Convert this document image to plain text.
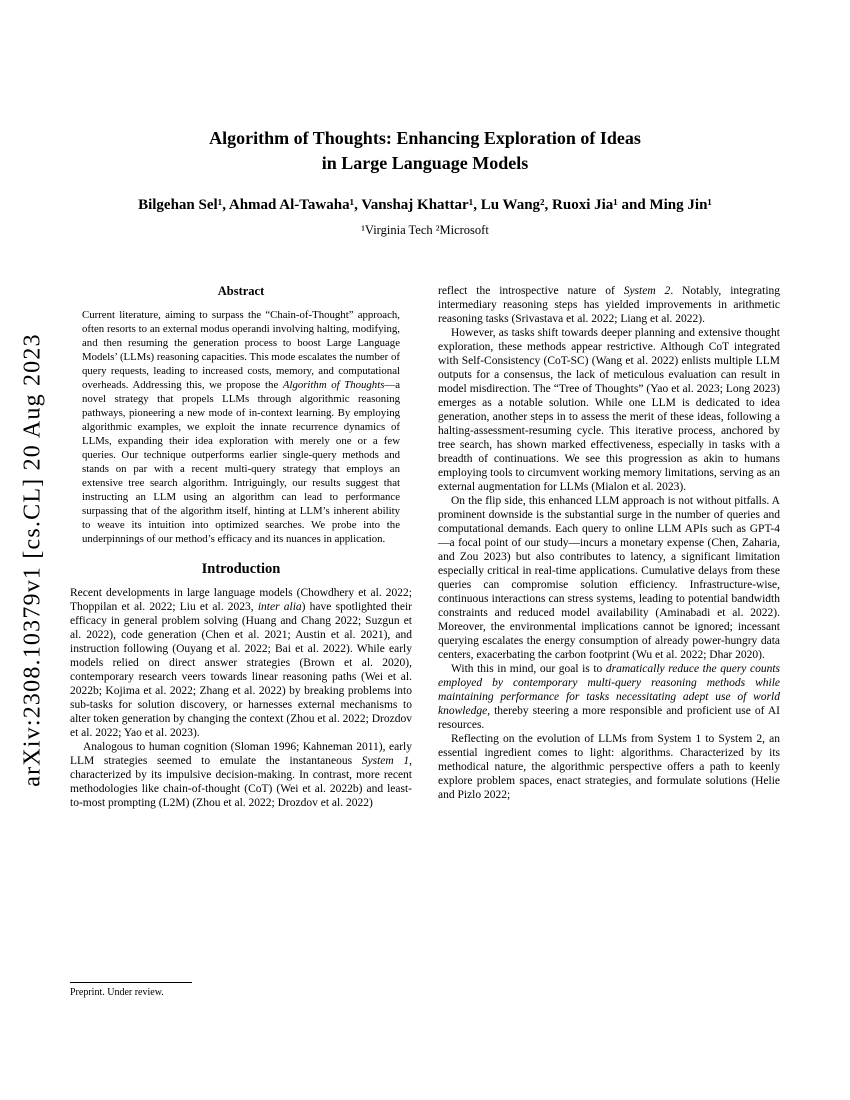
arXiv:2308.10379v1 [cs.CL] 20 Aug 2023
Algorithm of Thoughts: Enhancing Exploration of Ideas
in Large Language Models
Bilgehan Sel¹, Ahmad Al-Tawaha¹, Vanshaj Khattar¹, Lu Wang², Ruoxi Jia¹ and Ming Jin¹
¹Virginia Tech ²Microsoft
Abstract
Current literature, aiming to surpass the “Chain-of-Thought” approach, often resorts to an external modus operandi involving halting, modifying, and then resuming the generation process to boost Large Language Models’ (LLMs) reasoning capacities. This mode escalates the number of query requests, leading to increased costs, memory, and computational overheads. Addressing this, we propose the Algorithm of Thoughts—a novel strategy that propels LLMs through algorithmic reasoning pathways, pioneering a new mode of in-context learning. By employing algorithmic examples, we exploit the innate recurrence dynamics of LLMs, expanding their idea exploration with merely one or a few queries. Our technique outperforms earlier single-query methods and stands on par with a recent multi-query strategy that employs an extensive tree search algorithm. Intriguingly, our results suggest that instructing an LLM using an algorithm can lead to performance surpassing that of the algorithm itself, hinting at LLM’s inherent ability to weave its intuition into optimized searches. We probe into the underpinnings of our method’s efficacy and its nuances in application.
Introduction

Recent developments in large language models (Chowdhery et al. 2022; Thoppilan et al. 2022; Liu et al. 2023, inter alia) have spotlighted their efficacy in general problem solving (Huang and Chang 2022; Suzgun et al. 2022), code generation (Chen et al. 2021; Austin et al. 2021), and instruction following (Ouyang et al. 2022; Bai et al. 2022). While early models relied on direct answer strategies (Brown et al. 2020), contemporary research veers towards linear reasoning paths (Wei et al. 2022b; Kojima et al. 2022; Zhang et al. 2022) by breaking problems into sub-tasks for solution discovery, or harnesses external mechanisms to alter token generation by changing the context (Zhou et al. 2022; Drozdov et al. 2022; Yao et al. 2023).

Analogous to human cognition (Sloman 1996; Kahneman 2011), early LLM strategies seemed to emulate the instantaneous System 1, characterized by its impulsive decision-making. In contrast, more recent methodologies like chain-of-thought (CoT) (Wei et al. 2022b) and least-to-most prompting (L2M) (Zhou et al. 2022; Drozdov et al. 2022)

Preprint. Under review.

reflect the introspective nature of System 2. Notably, integrating intermediary reasoning steps has yielded improvements in arithmetic reasoning tasks (Srivastava et al. 2022; Liang et al. 2022).

However, as tasks shift towards deeper planning and extensive thought exploration, these methods appear restrictive. Although CoT integrated with Self-Consistency (CoT-SC) (Wang et al. 2022) enlists multiple LLM outputs for a consensus, the lack of meticulous evaluation can result in model misdirection. The “Tree of Thoughts” (Yao et al. 2023; Long 2023) emerges as a notable solution. While one LLM is dedicated to idea generation, another steps in to assess the merit of these ideas, following a halting-assessment-resuming cycle. This iterative process, anchored by tree search, has shown marked effectiveness, especially in tasks with a breadth of continuations. We see this progression as akin to humans employing tools to circumvent working memory limitations, serving as an external augmentation for LLMs (Mialon et al. 2023).

On the flip side, this enhanced LLM approach is not without pitfalls. A prominent downside is the substantial surge in the number of queries and computational demands. Each query to online LLM APIs such as GPT-4—a focal point of our study—incurs a monetary expense (Chen, Zaharia, and Zou 2023) but also contributes to latency, a significant limitation especially critical in real-time applications. Cumulative delays from these queries can compromise solution efficiency. Infrastructure-wise, continuous interactions can stress systems, leading to potential bandwidth constraints and reduced model availability (Aminabadi et al. 2022). Moreover, the environmental implications cannot be ignored; incessant querying escalates the energy consumption of already power-hungry data centers, exacerbating the carbon footprint (Wu et al. 2022; Dhar 2020).

With this in mind, our goal is to dramatically reduce the query counts employed by contemporary multi-query reasoning methods while maintaining performance for tasks necessitating adept use of world knowledge, thereby steering a more responsible and proficient use of AI resources.

Reflecting on the evolution of LLMs from System 1 to System 2, an essential ingredient comes to light: algorithms. Characterized by its methodical nature, the algorithmic perspective offers a path to keenly explore problem spaces, enact strategies, and formulate solutions (Helie and Pizlo 2022;
